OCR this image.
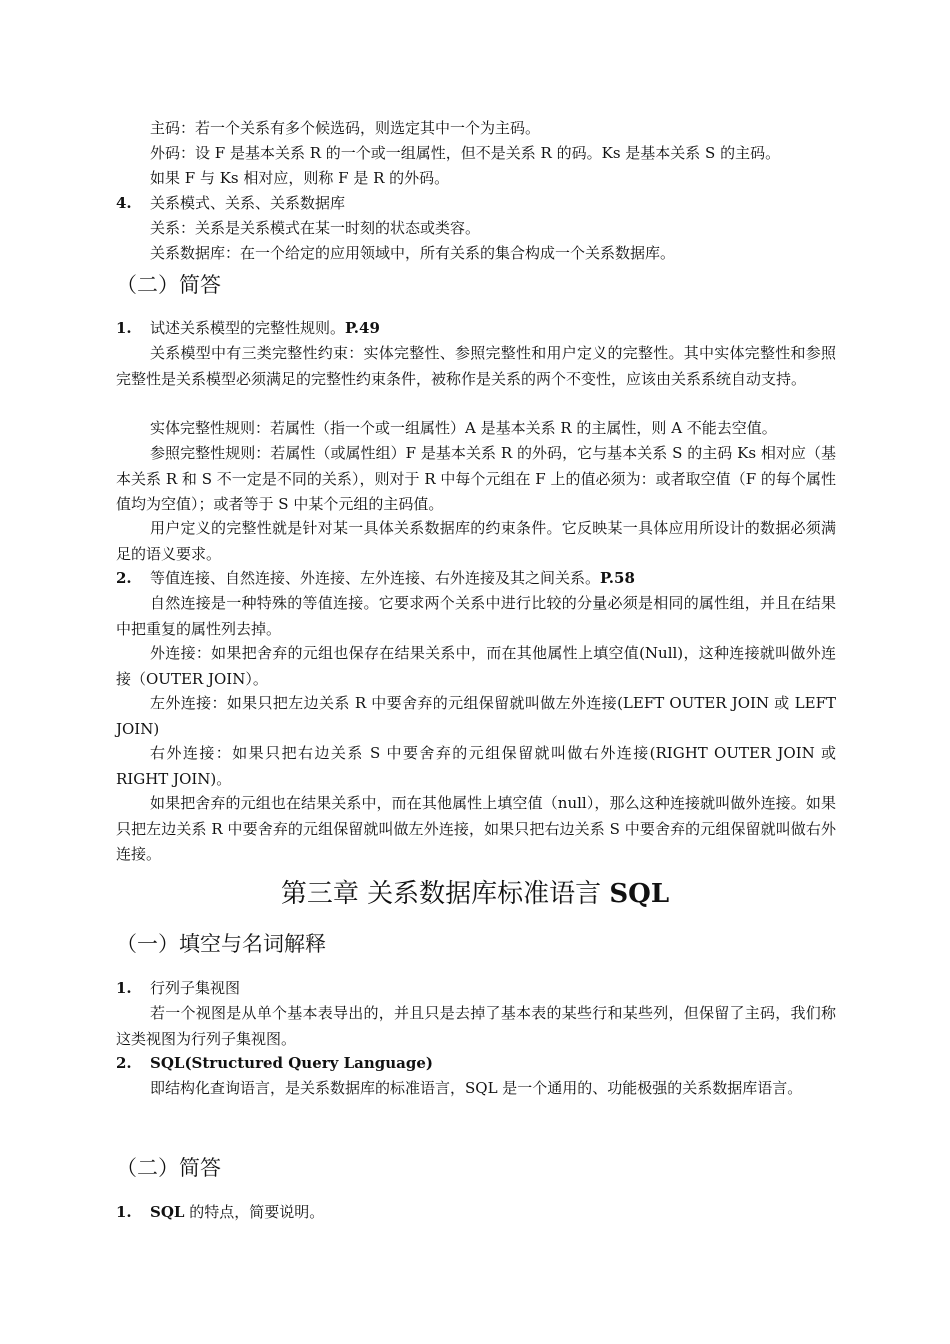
主码：若一个关系有多个候选码，则选定其中一个为主码。
外码：设 F 是基本关系 R 的一个或一组属性，但不是关系 R 的码。Ks 是基本关系 S 的主码。
如果 F 与 Ks 相对应，则称 F 是 R 的外码。
4. 关系模式、关系、关系数据库
关系：关系是关系模式在某一时刻的状态或类容。
关系数据库：在一个给定的应用领域中，所有关系的集合构成一个关系数据库。
（二）简答
1. 试述关系模型的完整性规则。P.49
关系模型中有三类完整性约束：实体完整性、参照完整性和用户定义的完整性。其中实体完整性和参照完整性是关系模型必须满足的完整性约束条件，被称作是关系的两个不变性，应该由关系系统自动支持。
实体完整性规则：若属性（指一个或一组属性）A 是基本关系 R 的主属性，则 A 不能去空值。
参照完整性规则：若属性（或属性组）F 是基本关系 R 的外码，它与基本关系 S 的主码 Ks 相对应（基本关系 R 和 S 不一定是不同的关系），则对于 R 中每个元组在 F 上的值必须为：或者取空值（F 的每个属性值均为空值）；或者等于 S 中某个元组的主码值。
用户定义的完整性就是针对某一具体关系数据库的约束条件。它反映某一具体应用所设计的数据必须满足的语义要求。
2. 等值连接、自然连接、外连接、左外连接、右外连接及其之间关系。P.58
自然连接是一种特殊的等值连接。它要求两个关系中进行比较的分量必须是相同的属性组，并且在结果中把重复的属性列去掉。
外连接：如果把舍弃的元组也保存在结果关系中，而在其他属性上填空值(Null)，这种连接就叫做外连接（OUTER JOIN）。
左外连接：如果只把左边关系 R 中要舍弃的元组保留就叫做左外连接(LEFT OUTER JOIN 或 LEFT JOIN)
右外连接：如果只把右边关系 S 中要舍弃的元组保留就叫做右外连接(RIGHT OUTER JOIN 或 RIGHT JOIN)。
如果把舍弃的元组也在结果关系中，而在其他属性上填空值（null），那么这种连接就叫做外连接。如果只把左边关系 R 中要舍弃的元组保留就叫做左外连接，如果只把右边关系 S 中要舍弃的元组保留就叫做右外连接。
第三章 关系数据库标准语言 SQL
（一）填空与名词解释
1. 行列子集视图
若一个视图是从单个基本表导出的，并且只是去掉了基本表的某些行和某些列，但保留了主码，我们称这类视图为行列子集视图。
2. SQL(Structured Query Language)
即结构化查询语言，是关系数据库的标准语言，SQL 是一个通用的、功能极强的关系数据库语言。
（二）简答
1. SQL 的特点，简要说明。
